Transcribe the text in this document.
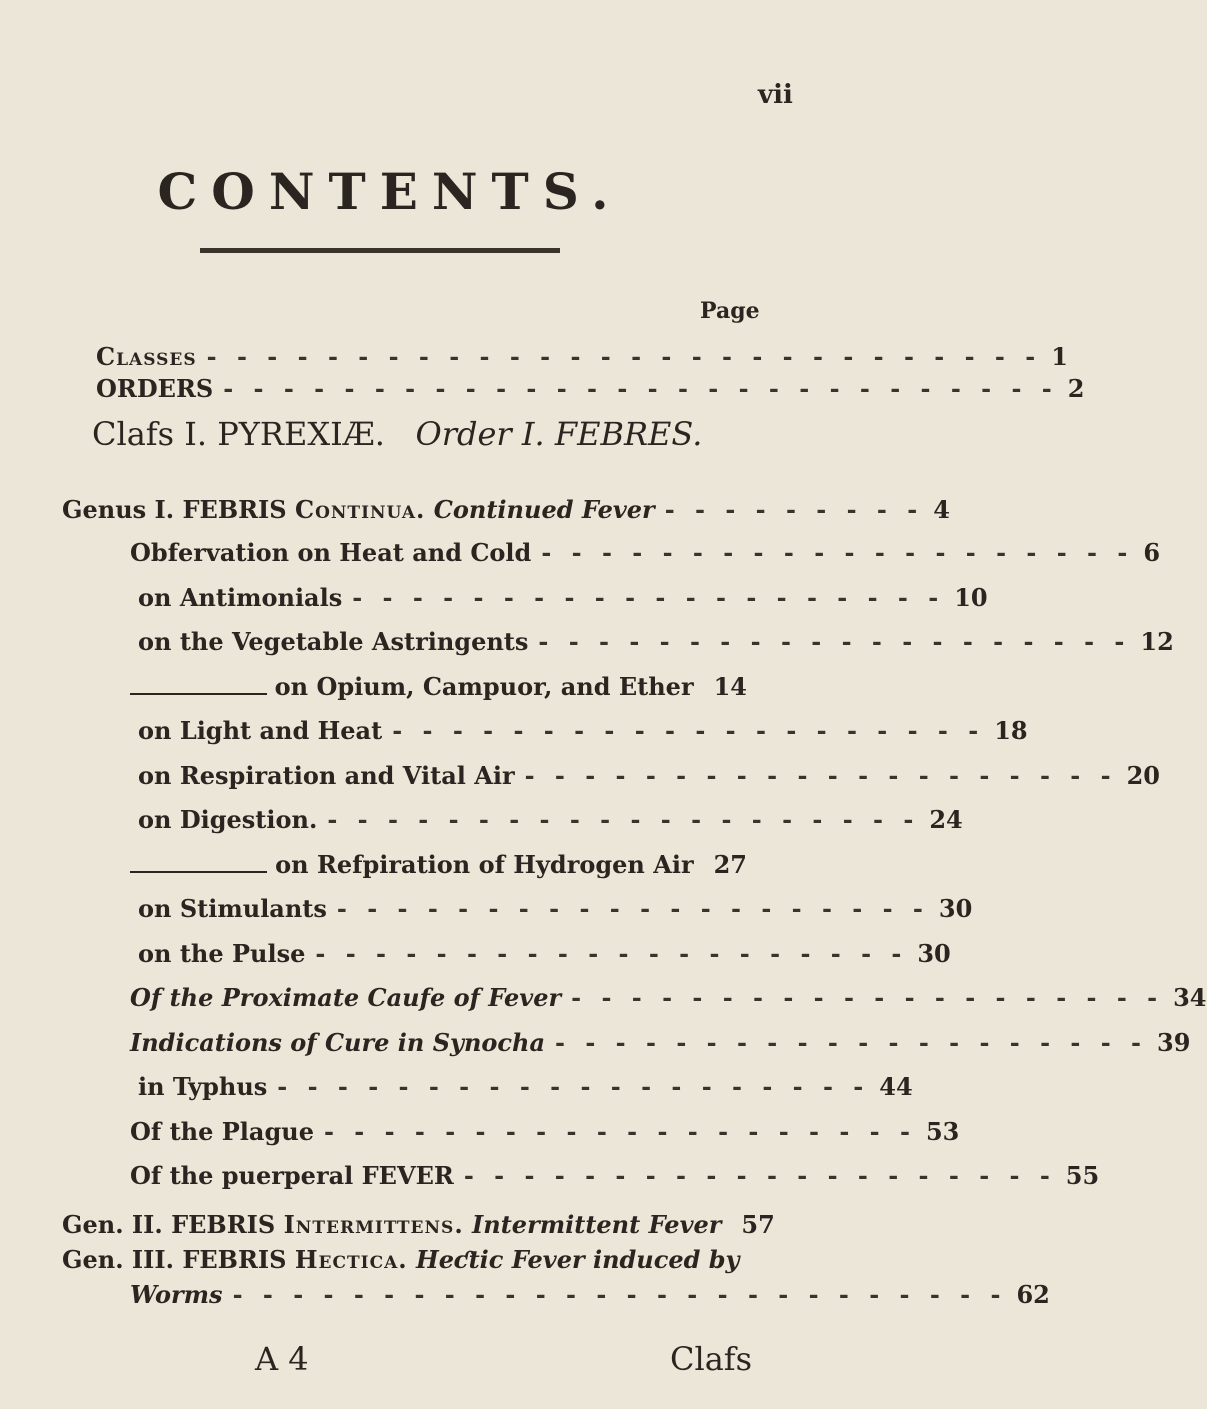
vii
CONTENTS.
Page
Classes - - - - - - - - - - - - - - - - - - - - - - - - - - - - 1
ORDERS - - - - - - - - - - - - - - - - - - - - - - - - - - - - 2
Clafs I. PYREXIÆ. Order I. FEBRES.
Genus I.
FEBRIS
Continua.
Continued Fever - - - - - - - - - 4
Obfervation on Heat and Cold - - - - - - - - - - - - - - - - - - - - 6
on Antimonials - - - - - - - - - - - - - - - - - - - - 10
on the Vegetable Astringents - - - - - - - - - - - - - - - - - - - - 12
on Opium, Campuor, and Ether 14
on Light and Heat - - - - - - - - - - - - - - - - - - - - 18
on Respiration and Vital Air - - - - - - - - - - - - - - - - - - - - 20
on Digestion. - - - - - - - - - - - - - - - - - - - - 24
on Refpiration of Hydrogen Air 27
on Stimulants - - - - - - - - - - - - - - - - - - - - 30
on the Pulse - - - - - - - - - - - - - - - - - - - - 30
Of the Proximate Caufe of Fever - - - - - - - - - - - - - - - - - - - - 34
Indications of Cure in Synocha - - - - - - - - - - - - - - - - - - - - 39
in Typhus - - - - - - - - - - - - - - - - - - - - 44
Of the Plague - - - - - - - - - - - - - - - - - - - - 53
Of the puerperal FEVER - - - - - - - - - - - - - - - - - - - - 55
Gen. II.
FEBRIS
Intermittens.
Intermittent Fever 57
Gen. III.
FEBRIS
Hectica.
Heƈtic Fever induced by
Worms - - - - - - - - - - - - - - - - - - - - - - - - - - 62
A 4	Clafs
